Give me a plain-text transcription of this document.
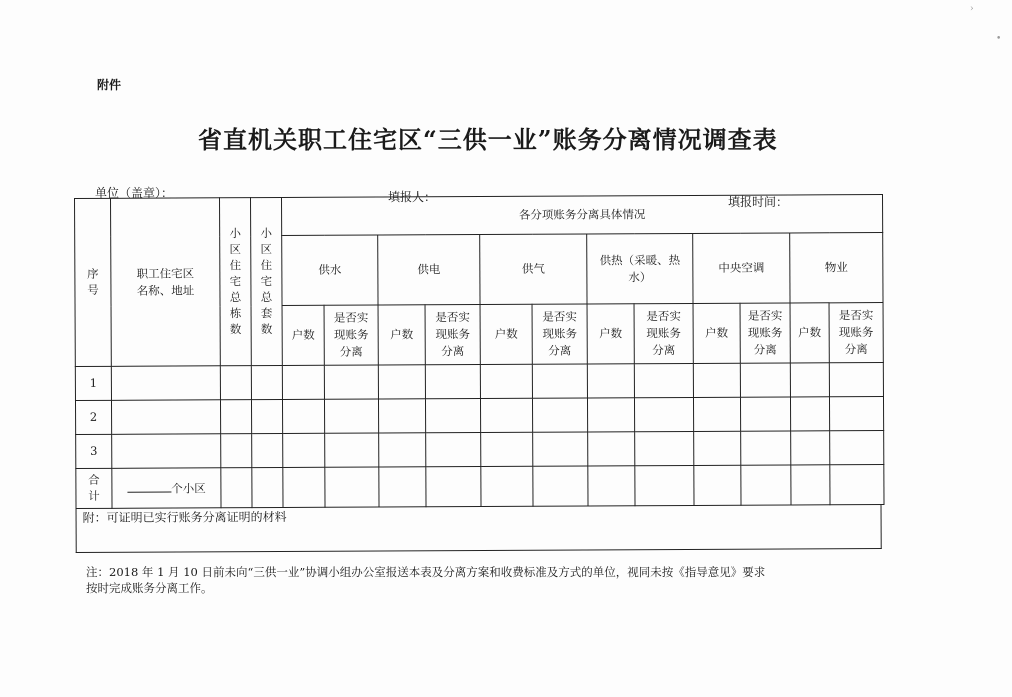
附件
省直机关职工住宅区“三供一业”账务分离情况调查表
单位（盖章）：	填报人：	填报时间：
序号	职工住宅区名称、地址	小区住宅总栋数	小区住宅总套数	各分项账务分离具体情况											
				供水		供电		供气		供热（采暖、热水）		中央空调		物业	
				户数	是否实现账务分离	户数	是否实现账务分离	户数	是否实现账务分离	户数	是否实现账务分离	户数	是否实现账务分离	户数	是否实现账务分离
1															
2															
3															
合计	个小区														
附：可证明已实行账务分离证明的材料
注：2018 年 1 月 10 日前未向“三供一业”协调小组办公室报送本表及分离方案和收费标准及方式的单位，视同未按《指导意见》要求
按时完成账务分离工作。
›
•
